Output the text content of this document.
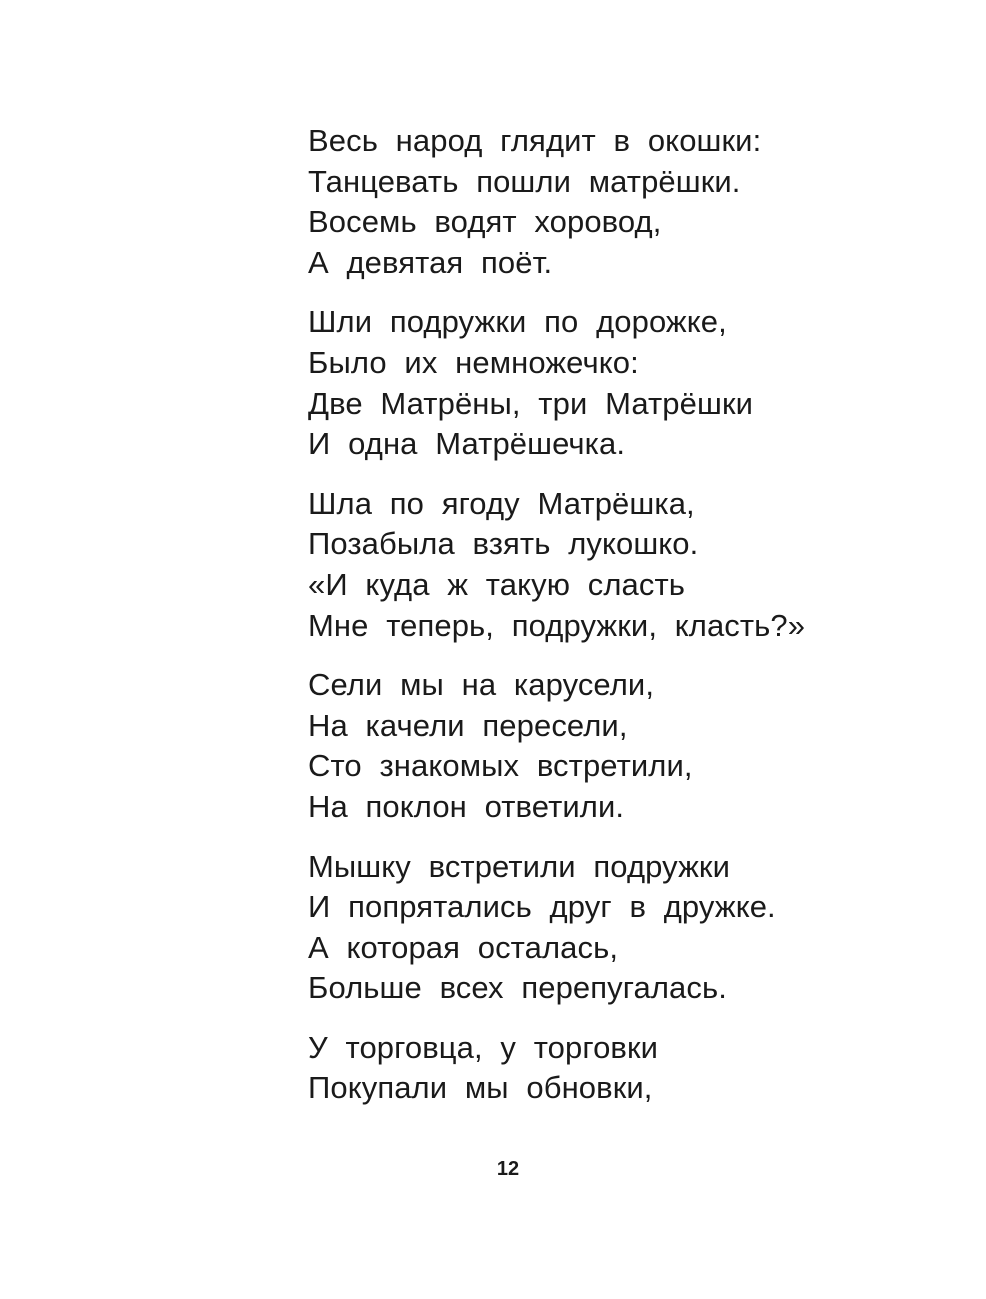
Весь народ глядит в окошки:
Танцевать пошли матрёшки.
Восемь водят хоровод,
А девятая поёт.
Шли подружки по дорожке,
Было их немножечко:
Две Матрёны, три Матрёшки
И одна Матрёшечка.
Шла по ягоду Матрёшка,
Позабыла взять лукошко.
«И куда ж такую сласть
Мне теперь, подружки, класть?»
Сели мы на карусели,
На качели пересели,
Сто знакомых встретили,
На поклон ответили.
Мышку встретили подружки
И попрятались друг в дружке.
А которая осталась,
Больше всех перепугалась.
У торговца, у торговки
Покупали мы обновки,
12
